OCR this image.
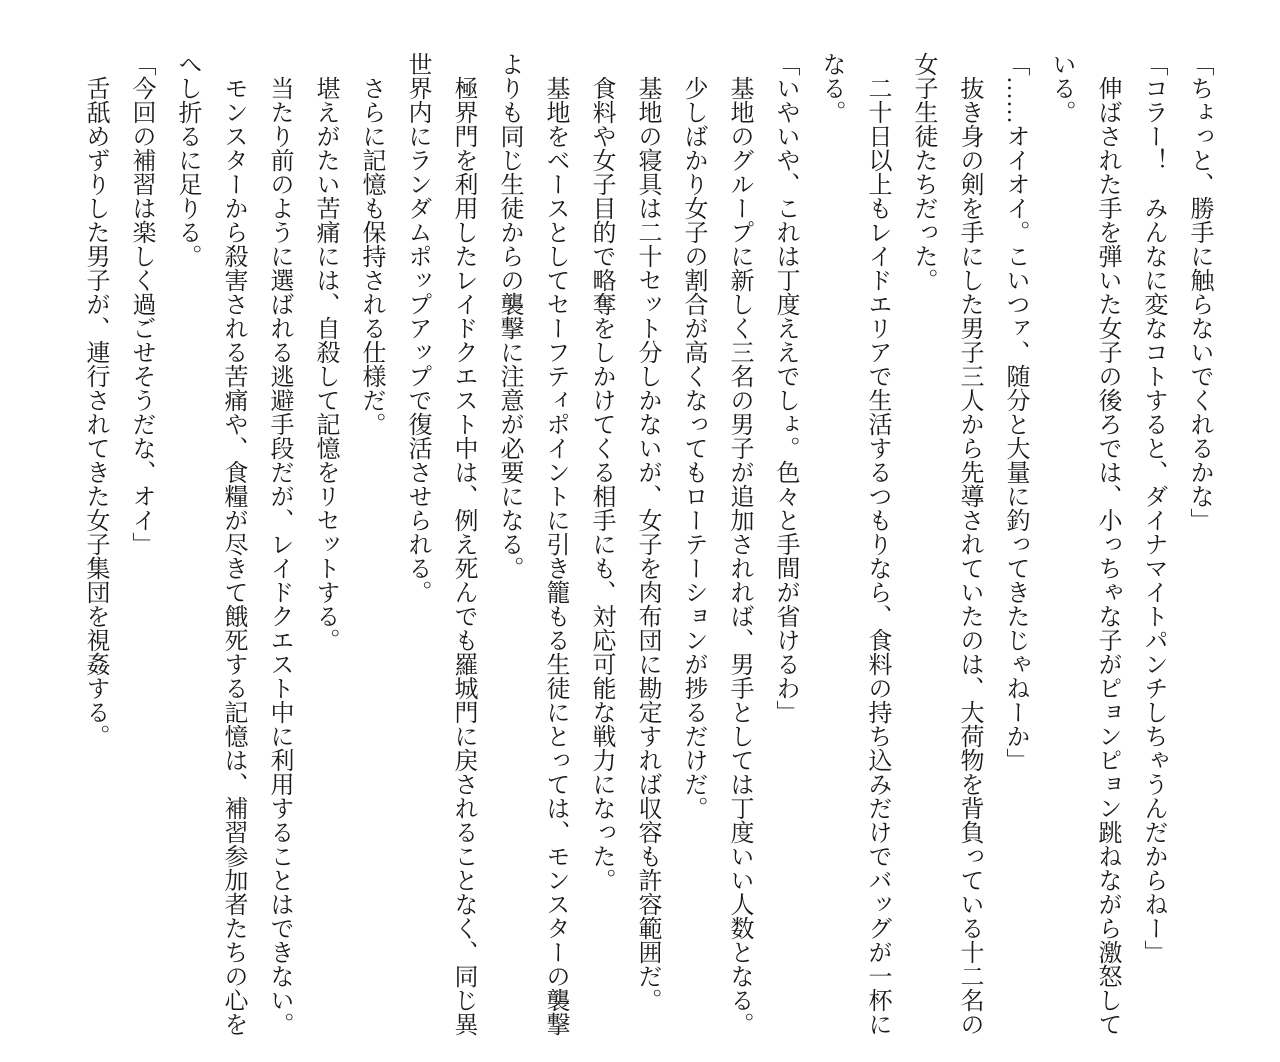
「ちょっと、勝手に触らないでくれるかな」

「コラー！　みんなに変なコトすると、ダイナマイトパンチしちゃうんだからねー」

伸ばされた手を弾いた女子の後ろでは、小っちゃな子がピョンピョン跳ねながら激怒している。

「……オイオイ。こいつァ、随分と大量に釣ってきたじゃねーか」

抜き身の剣を手にした男子三人から先導されていたのは、大荷物を背負っている十二名の女子生徒たちだった。

二十日以上もレイドエリアで生活するつもりなら、食料の持ち込みだけでバッグが一杯になる。

「いやいや、これは丁度ええでしょ。色々と手間が省けるわ」

基地のグループに新しく三名の男子が追加されれば、男手としては丁度いい人数となる。

少しばかり女子の割合が高くなってもローテーションが捗るだけだ。

基地の寝具は二十セット分しかないが、女子を肉布団に勘定すれば収容も許容範囲だ。

食料や女子目的で略奪をしかけてくる相手にも、対応可能な戦力になった。

基地をベースとしてセーフティポイントに引き籠もる生徒にとっては、モンスターの襲撃よりも同じ生徒からの襲撃に注意が必要になる。

極界門を利用したレイドクエスト中は、例え死んでも羅城門に戻されることなく、同じ異世界内にランダムポップアップで復活させられる。

さらに記憶も保持される仕様だ。

堪えがたい苦痛には、自殺して記憶をリセットする。

当たり前のように選ばれる逃避手段だが、レイドクエスト中に利用することはできない。

モンスターから殺害される苦痛や、食糧が尽きて餓死する記憶は、補習参加者たちの心をへし折るに足りる。

「今回の補習は楽しく過ごせそうだな、オイ」

舌舐めずりした男子が、連行されてきた女子集団を視姦する。
